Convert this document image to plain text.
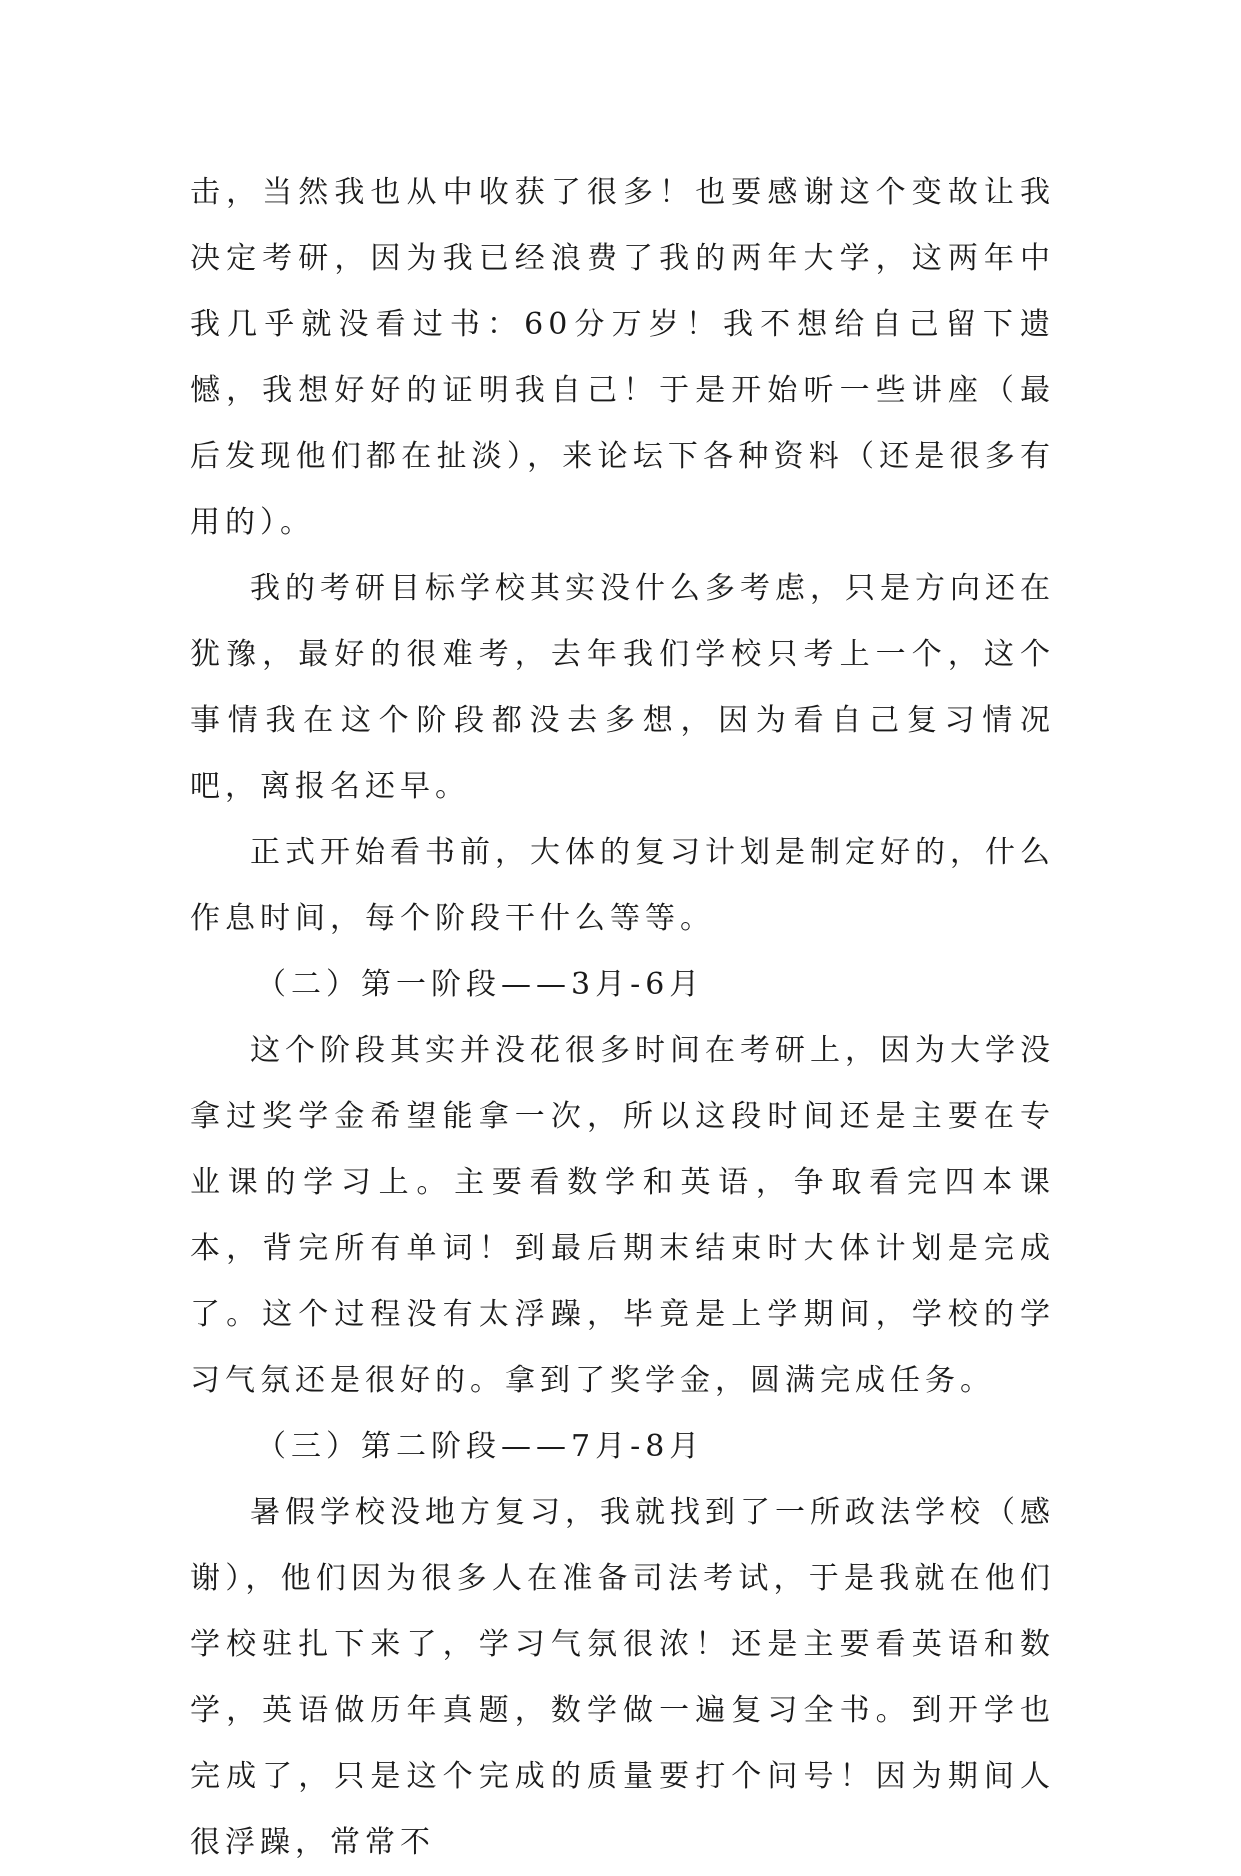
击，当然我也从中收获了很多！也要感谢这个变故让我决定考研，因为我已经浪费了我的两年大学，这两年中我几乎就没看过书：60分万岁！我不想给自己留下遗憾，我想好好的证明我自己！于是开始听一些讲座（最后发现他们都在扯淡），来论坛下各种资料（还是很多有用的）。

我的考研目标学校其实没什么多考虑，只是方向还在犹豫，最好的很难考，去年我们学校只考上一个，这个事情我在这个阶段都没去多想，因为看自己复习情况吧，离报名还早。

正式开始看书前，大体的复习计划是制定好的，什么作息时间，每个阶段干什么等等。

（二）第一阶段——3月-6月

这个阶段其实并没花很多时间在考研上，因为大学没拿过奖学金希望能拿一次，所以这段时间还是主要在专业课的学习上。主要看数学和英语，争取看完四本课本，背完所有单词！到最后期末结束时大体计划是完成了。这个过程没有太浮躁，毕竟是上学期间，学校的学习气氛还是很好的。拿到了奖学金，圆满完成任务。

（三）第二阶段——7月-8月

暑假学校没地方复习，我就找到了一所政法学校（感谢），他们因为很多人在准备司法考试，于是我就在他们学校驻扎下来了，学习气氛很浓！还是主要看英语和数学，英语做历年真题，数学做一遍复习全书。到开学也完成了，只是这个完成的质量要打个问号！因为期间人很浮躁，常常不
